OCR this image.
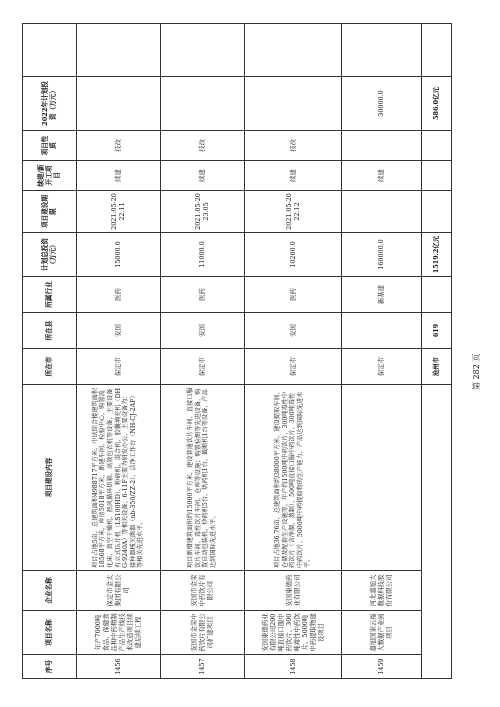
序号	项目名称	企业名称	项目建设内容	所在市	所在县	所属行业	计划总投资（万元）	项目建设期限	续建/新开工项目	项目性质	2022年计划投资（万元）	
1456	年产7000吨食品、保健食品和中药精制产品生产线技术改造项目续建后续工程	保定市金太集团有限公司	项目占地5亩，总建筑面积4988717平方米，中试综合楼建筑面积18568平方米，库房5018平方米，新建车间、检验中心，购置流化床、真空干燥机、热风循环烘箱、高效包衣机等设备，主要设备有立式压片机（LS100HD），粉碎机、混合机、胶囊填充机（DHG-9240A）等相关设备；6-11F主要为研发办公、主要设备为：接种器械灭菌器（nb-350/ZZ-2），洁净工作台（NH-CJ-2AF）等相关先进水平。	保定市	安国	医药	15000.0	2021.05-2022.11	续建	技改		
1457	安国市金荣中药饮片有限公司扩建项目	安国市金荣中药饮片有限公司	项目新增建筑面积约15000平方米，建设普通饮片车间、直接口服饮片车间、毒性饮片车间、仓库等设施；购置检测等先进设备，购置自动包装机、炒药机5台，烘药机1台，截断机1台等设备，产品达到国际先进水平。	保定市	安国	医药	11000.0	2021.05-2023.05	续建	技改		
1458	安国康德药业有限公司200吨直接口服中药饮片、300吨毒性中药饮片、5000吨中药提取物建设项目	安国康德药业有限公司	项目占地36.76亩，总建筑面积约38000平方米。建设提取车间、仓储及配套生产设施等。年产约1500吨中药饮片、300吨毒性中药饮片（含净制、蒸制）、500吨直接口服中药饮片、300吨毒性中药饮片、5000吨中药提取物的生产能力，产品达到国际先进水平。	保定市	安国	医药	10200.0	2021.05-2022.12	续建	技改		
1459	嘉旭国家云福大数据产业园项目	河北嘉旭大数据科技股份有限公司		保定市		新基建	160000.0		续建		30000.0	
				沧州市	619		1519.2亿元				586.0亿元	
第 282 页
